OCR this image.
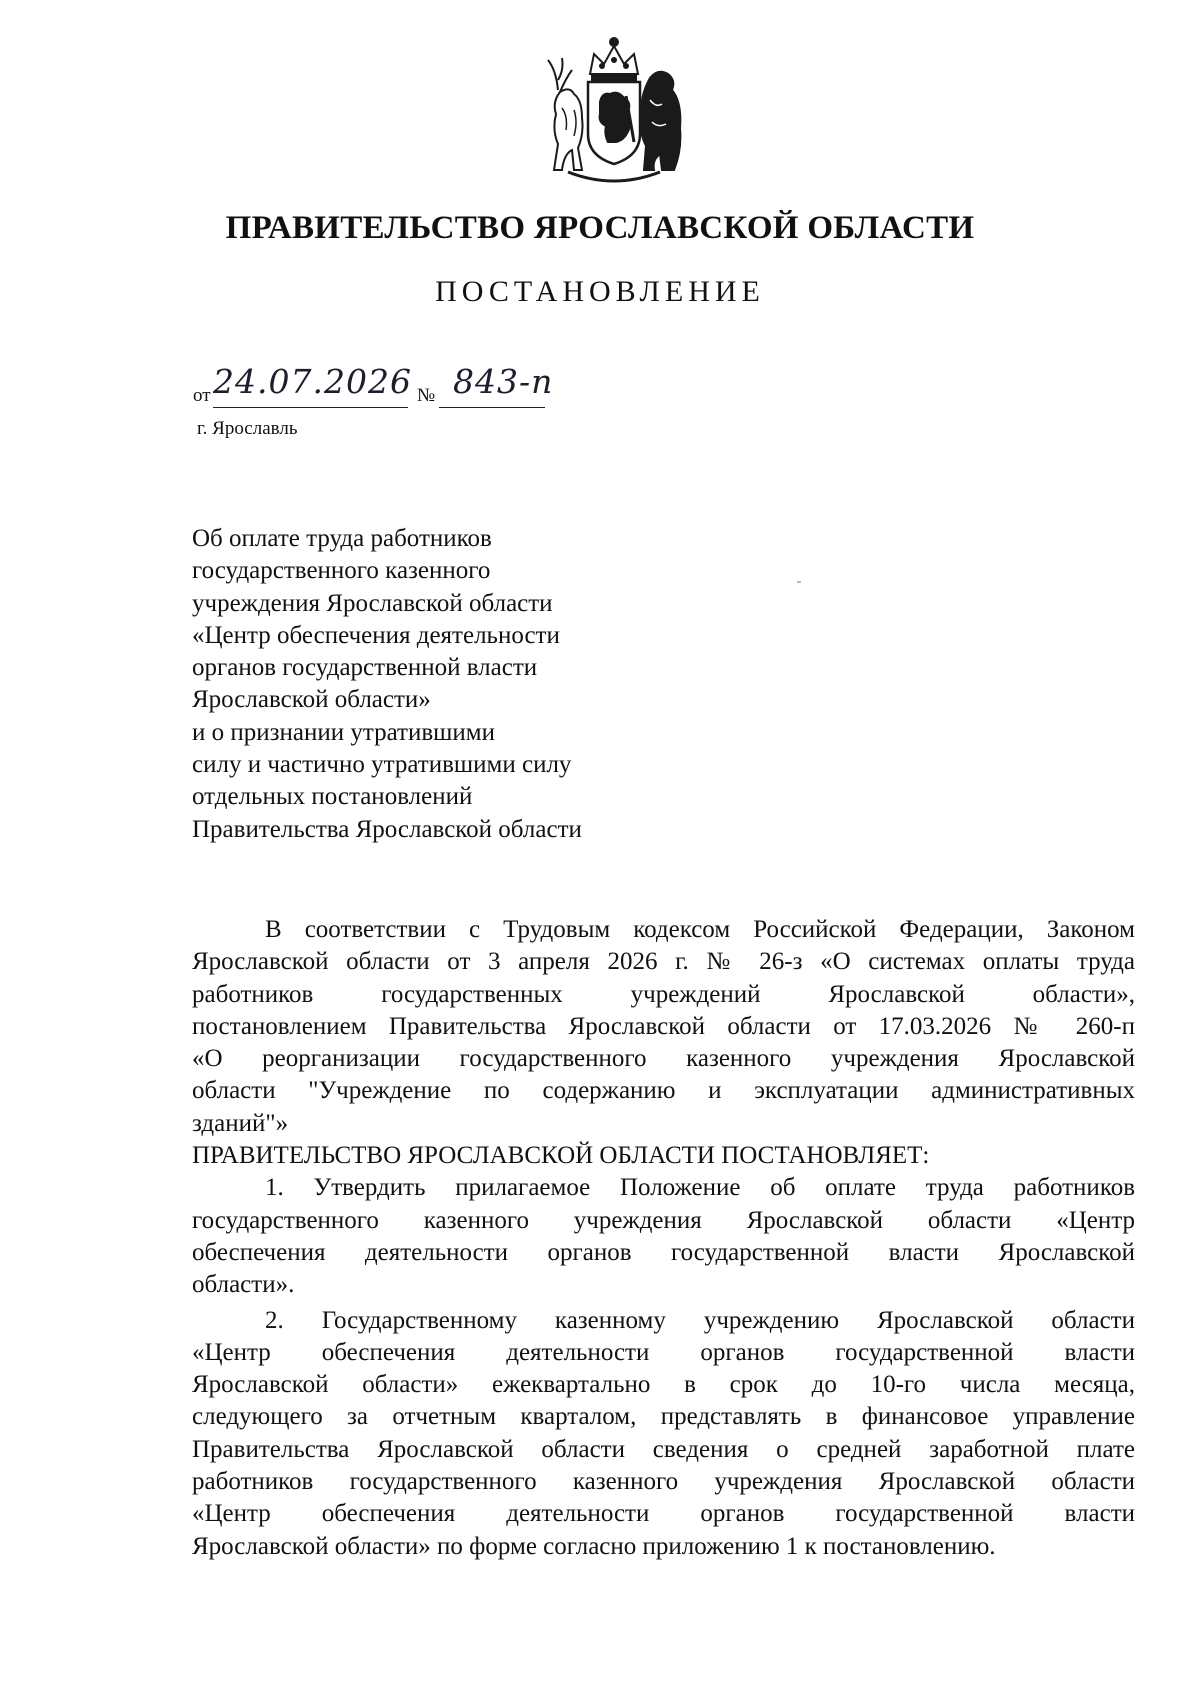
ПРАВИТЕЛЬСТВО ЯРОСЛАВСКОЙ ОБЛАСТИ
ПОСТАНОВЛЕНИЕ
от 24.07.2026 № 843-п
г. Ярославль
Об оплате труда работников
государственного казенного
учреждения Ярославской области
«Центр обеспечения деятельности
органов государственной власти
Ярославской области»
и о признании утратившими
силу и частично утратившими силу
отдельных постановлений
Правительства Ярославской области
В соответствии с Трудовым кодексом Российской Федерации, Законом
Ярославской области от 3 апреля 2026 г. № 26-з «О системах оплаты труда
работников государственных учреждений Ярославской области»,
постановлением Правительства Ярославской области от 17.03.2026 № 260-п
«О реорганизации государственного казенного учреждения Ярославской
области "Учреждение по содержанию и эксплуатации административных
зданий"»
ПРАВИТЕЛЬСТВО ЯРОСЛАВСКОЙ ОБЛАСТИ ПОСТАНОВЛЯЕТ:
1. Утвердить прилагаемое Положение об оплате труда работников
государственного казенного учреждения Ярославской области «Центр
обеспечения деятельности органов государственной власти Ярославской
области».
2. Государственному казенному учреждению Ярославской области
«Центр обеспечения деятельности органов государственной власти
Ярославской области» ежеквартально в срок до 10-го числа месяца,
следующего за отчетным кварталом, представлять в финансовое управление
Правительства Ярославской области сведения о средней заработной плате
работников государственного казенного учреждения Ярославской области
«Центр обеспечения деятельности органов государственной власти
Ярославской области» по форме согласно приложению 1 к постановлению.
